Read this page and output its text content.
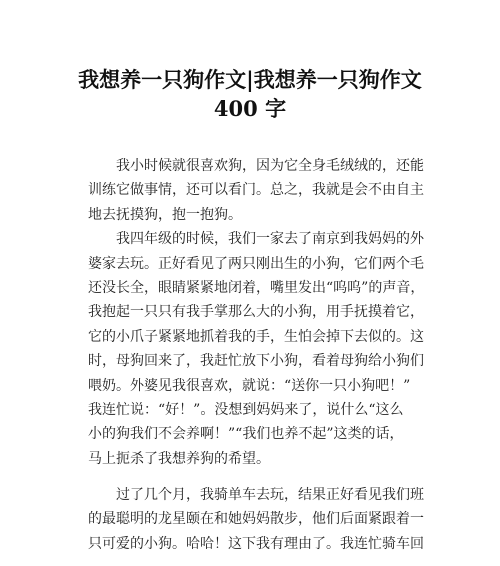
我想养一只狗作文|我想养一只狗作文
400 字
我小时候就很喜欢狗，因为它全身毛绒绒的，还能
训练它做事情，还可以看门。总之，我就是会不由自主
地去抚摸狗，抱一抱狗。
我四年级的时候，我们一家去了南京到我妈妈的外
婆家去玩。正好看见了两只刚出生的小狗，它们两个毛
还没长全，眼睛紧紧地闭着，嘴里发出“呜呜”的声音，
我抱起一只只有我手掌那么大的小狗，用手抚摸着它，
它的小爪子紧紧地抓着我的手，生怕会掉下去似的。这
时，母狗回来了，我赶忙放下小狗，看着母狗给小狗们
喂奶。外婆见我很喜欢，就说：“送你一只小狗吧！”
我连忙说：“好！”。没想到妈妈来了，说什么“这么
小的狗我们不会养啊！”“我们也养不起”这类的话，
马上扼杀了我想养狗的希望。
过了几个月，我骑单车去玩，结果正好看见我们班
的最聪明的龙星颐在和她妈妈散步，他们后面紧跟着一
只可爱的小狗。哈哈！这下我有理由了。我连忙骑车回
